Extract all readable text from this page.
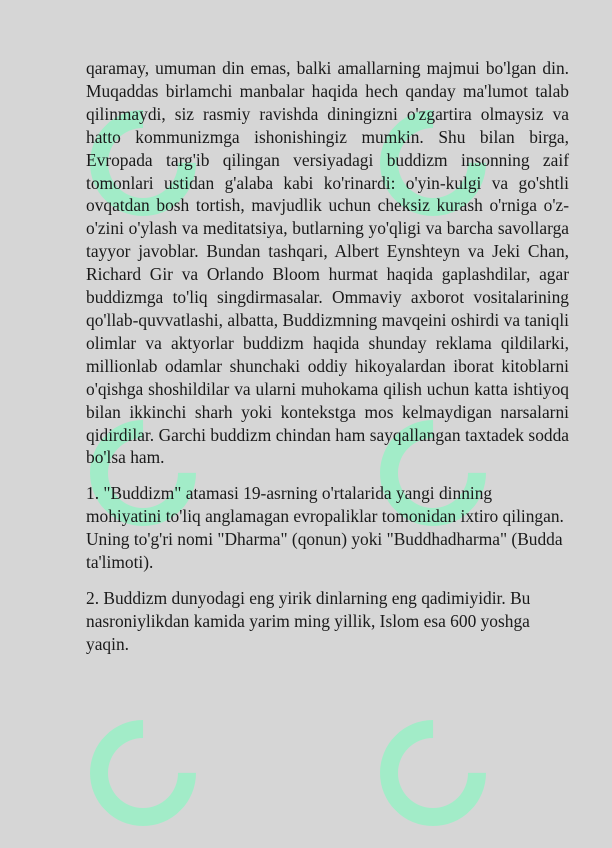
qaramay, umuman din emas, balki amallarning majmui bo'lgan din. Muqaddas birlamchi manbalar haqida hech qanday ma'lumot talab qilinmaydi, siz rasmiy ravishda diningizni o'zgartira olmaysiz va hatto kommunizmga ishonishingiz mumkin. Shu bilan birga, Evropada targ'ib qilingan versiyadagi buddizm insonning zaif tomonlari ustidan g'alaba kabi ko'rinardi: o'yin-kulgi va go'shtli ovqatdan bosh tortish, mavjudlik uchun cheksiz kurash o'rniga o'z-o'zini o'ylash va meditatsiya, butlarning yo'qligi va barcha savollarga tayyor javoblar. Bundan tashqari, Albert Eynshteyn va Jeki Chan, Richard Gir va Orlando Bloom hurmat haqida gaplashdilar, agar buddizmga to'liq singdirmasalar. Ommaviy axborot vositalarining qo'llab-quvvatlashi, albatta, Buddizmning mavqeini oshirdi va taniqli olimlar va aktyorlar buddizm haqida shunday reklama qildilarki, millionlab odamlar shunchaki oddiy hikoyalardan iborat kitoblarni o'qishga shoshildilar va ularni muhokama qilish uchun katta ishtiyoq bilan ikkinchi sharh yoki kontekstga mos kelmaydigan narsalarni qidirdilar. Garchi buddizm chindan ham sayqallangan taxtadek sodda bo'lsa ham.

1. "Buddizm" atamasi 19-asrning o'rtalarida yangi dinning mohiyatini to'liq anglamagan evropaliklar tomonidan ixtiro qilingan. Uning to'g'ri nomi "Dharma" (qonun) yoki "Buddhadharma" (Budda ta'limoti).

2. Buddizm dunyodagi eng yirik dinlarning eng qadimiyidir. Bu nasroniylikdan kamida yarim ming yillik, Islom esa 600 yoshga yaqin.
